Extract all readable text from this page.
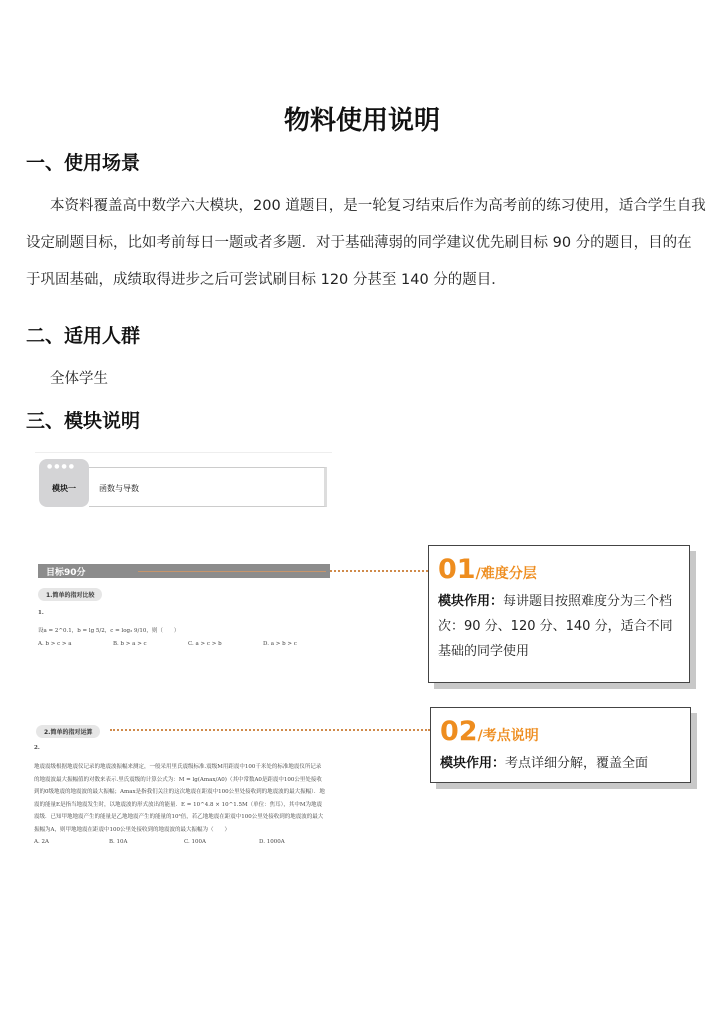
物料使用说明
一、使用场景
本资料覆盖高中数学六大模块，200 道题目，是一轮复习结束后作为高考前的练习使用，适合学生自我设定刷题目标，比如考前每日一题或者多题．对于基础薄弱的同学建议优先刷目标 90 分的题目，目的在于巩固基础，成绩取得进步之后可尝试刷目标 120 分甚至 140 分的题目．
二、适用人群
全体学生
三、模块说明
●●●●
模块一	函数与导数
目标90分
1.简单的指对比较
1.
设a = 2^0.1，b = lg 5/2，c = log₃ 9/10，则（　　）
A. b > c > a	B. b > a > c	C. a > c > b	D. a > b > c
2.简单的指对运算
2.
地震震级根据地震仪记录的地震波振幅来测定，一般采用里氏震级标准.震级M用距震中100千米处的标准地震仪所记录的地震波最大振幅值的对数来表示.里氏震级的计算公式为：M = lg(Amax/A0)（其中常数A0是距震中100公里处接收到的0级地震的地震波的最大振幅；Amax是指我们关注的这次地震在距震中100公里处接收到的地震波的最大振幅）．地震的能量E是指当地震发生时，以地震波的形式放出的能量．E = 10^4.8 × 10^1.5M（单位：焦耳），其中M为地震震级．已知甲地地震产生的能量是乙地地震产生的能量的10³倍，若乙地地震在距震中100公里处接收到的地震波的最大振幅为A，则甲地地震在距震中100公里处接收到的地震波的最大振幅为（　　）
A. 2A	B. 10A	C. 100A	D. 1000A
01/难度分层
模块作用：每讲题目按照难度分为三个档次：90 分、120 分、140 分，适合不同基础的同学使用
02/考点说明
模块作用：考点详细分解，覆盖全面
